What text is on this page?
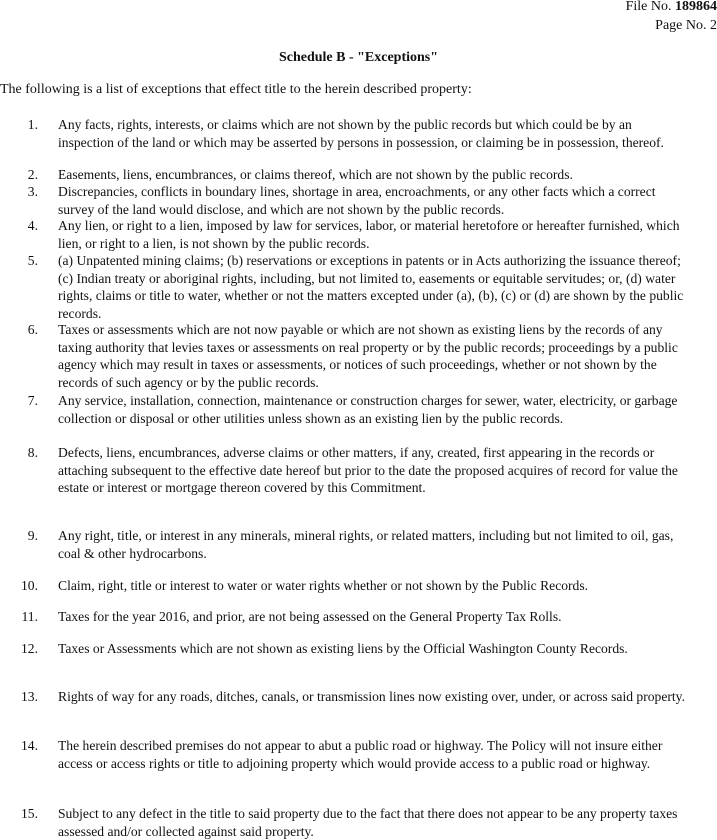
File No. 189864
Page No. 2
Schedule B - "Exceptions"
The following is a list of exceptions that effect title to the herein described property:
1. Any facts, rights, interests, or claims which are not shown by the public records but which could be by an inspection of the land or which may be asserted by persons in possession, or claiming be in possession, thereof.
2. Easements, liens, encumbrances, or claims thereof, which are not shown by the public records.
3. Discrepancies, conflicts in boundary lines, shortage in area, encroachments, or any other facts which a correct survey of the land would disclose, and which are not shown by the public records.
4. Any lien, or right to a lien, imposed by law for services, labor, or material heretofore or hereafter furnished, which lien, or right to a lien, is not shown by the public records.
5. (a) Unpatented mining claims; (b) reservations or exceptions in patents or in Acts authorizing the issuance thereof; (c) Indian treaty or aboriginal rights, including, but not limited to, easements or equitable servitudes; or, (d) water rights, claims or title to water, whether or not the matters excepted under (a), (b), (c) or (d) are shown by the public records.
6. Taxes or assessments which are not now payable or which are not shown as existing liens by the records of any taxing authority that levies taxes or assessments on real property or by the public records; proceedings by a public agency which may result in taxes or assessments, or notices of such proceedings, whether or not shown by the records of such agency or by the public records.
7. Any service, installation, connection, maintenance or construction charges for sewer, water, electricity, or garbage collection or disposal or other utilities unless shown as an existing lien by the public records.
8. Defects, liens, encumbrances, adverse claims or other matters, if any, created, first appearing in the records or attaching subsequent to the effective date hereof but prior to the date the proposed acquires of record for value the estate or interest or mortgage thereon covered by this Commitment.
9. Any right, title, or interest in any minerals, mineral rights, or related matters, including but not limited to oil, gas, coal & other hydrocarbons.
10. Claim, right, title or interest to water or water rights whether or not shown by the Public Records.
11. Taxes for the year 2016, and prior, are not being assessed on the General Property Tax Rolls.
12. Taxes or Assessments which are not shown as existing liens by the Official Washington County Records.
13. Rights of way for any roads, ditches, canals, or transmission lines now existing over, under, or across said property.
14. The herein described premises do not appear to abut a public road or highway. The Policy will not insure either access or access rights or title to adjoining property which would provide access to a public road or highway.
15. Subject to any defect in the title to said property due to the fact that there does not appear to be any property taxes assessed and/or collected against said property.
